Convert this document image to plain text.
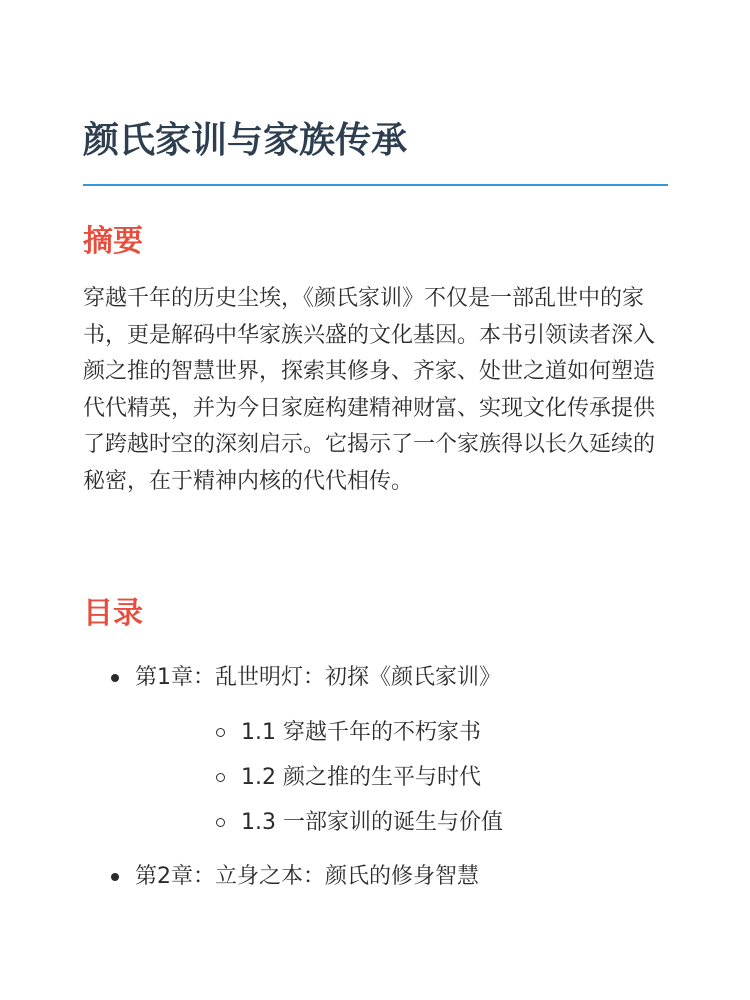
颜氏家训与家族传承
摘要

穿越千年的历史尘埃，《颜氏家训》不仅是一部乱世中的家书，更是解码中华家族兴盛的文化基因。本书引领读者深入颜之推的智慧世界，探索其修身、齐家、处世之道如何塑造代代精英，并为今日家庭构建精神财富、实现文化传承提供了跨越时空的深刻启示。它揭示了一个家族得以长久延续的秘密，在于精神内核的代代相传。

目录
第1章：乱世明灯：初探《颜氏家训》
1.1 穿越千年的不朽家书
1.2 颜之推的生平与时代
1.3 一部家训的诞生与价值
第2章：立身之本：颜氏的修身智慧
